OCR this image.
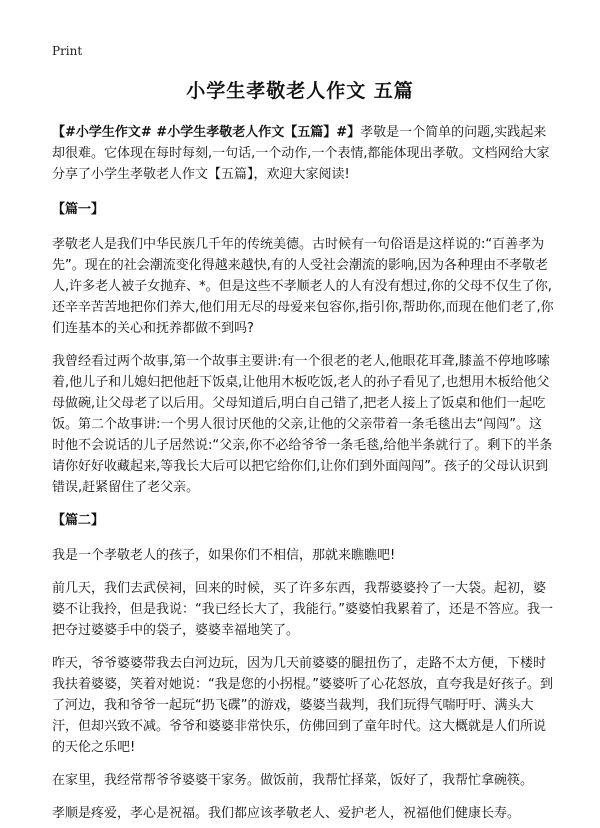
Print
小学生孝敬老人作文 五篇

【#小学生作文# #小学生孝敬老人作文【五篇】#】孝敬是一个简单的问题,实践起来却很难。它体现在每时每刻,一句话,一个动作,一个表情,都能体现出孝敬。文档网给大家分享了小学生孝敬老人作文【五篇】，欢迎大家阅读!

【篇一】

孝敬老人是我们中华民族几千年的传统美德。古时候有一句俗语是这样说的:“百善孝为先”。现在的社会潮流变化得越来越快,有的人受社会潮流的影响,因为各种理由不孝敬老人,许多老人被子女抛弃、*。但是这些不孝顺老人的人有没有想过,你的父母不仅生了你,还辛辛苦苦地把你们养大,他们用无尽的母爱来包容你,指引你,帮助你,而现在他们老了,你们连基本的关心和抚养都做不到吗?

我曾经看过两个故事,第一个故事主要讲:有一个很老的老人,他眼花耳聋,膝盖不停地哆嗦着,他儿子和儿媳妇把他赶下饭桌,让他用木板吃饭,老人的孙子看见了,也想用木板给他父母做碗,让父母老了以后用。父母知道后,明白自己错了,把老人接上了饭桌和他们一起吃饭。第二个故事讲:一个男人很讨厌他的父亲,让他的父亲带着一条毛毯出去“闯闯”。这时他不会说话的儿子居然说:“父亲,你不必给爷爷一条毛毯,给他半条就行了。剩下的半条请你好好收藏起来,等我长大后可以把它给你们,让你们到外面闯闯”。孩子的父母认识到错误,赶紧留住了老父亲。

【篇二】

我是一个孝敬老人的孩子，如果你们不相信，那就来瞧瞧吧!

前几天，我们去武侯祠，回来的时候，买了许多东西，我帮婆婆拎了一大袋。起初，婆婆不让我拎，但是我说：“我已经长大了，我能行。”婆婆怕我累着了，还是不答应。我一把夺过婆婆手中的袋子，婆婆幸福地笑了。

昨天，爷爷婆婆带我去白河边玩，因为几天前婆婆的腿扭伤了，走路不太方便，下楼时我扶着婆婆，笑着对她说：“我是您的小拐棍。”婆婆听了心花怒放，直夸我是好孩子。到了河边，我和爷爷一起玩“扔飞碟”的游戏，婆婆当裁判，我们玩得气喘吁吁、满头大汗，但却兴致不减。爷爷和婆婆非常快乐，仿佛回到了童年时代。这大概就是人们所说的天伦之乐吧!

在家里，我经常帮爷爷婆婆干家务。做饭前，我帮忙择菜，饭好了，我帮忙拿碗筷。

孝顺是疼爱，孝心是祝福。我们都应该孝敬老人、爱护老人，祝福他们健康长寿。
